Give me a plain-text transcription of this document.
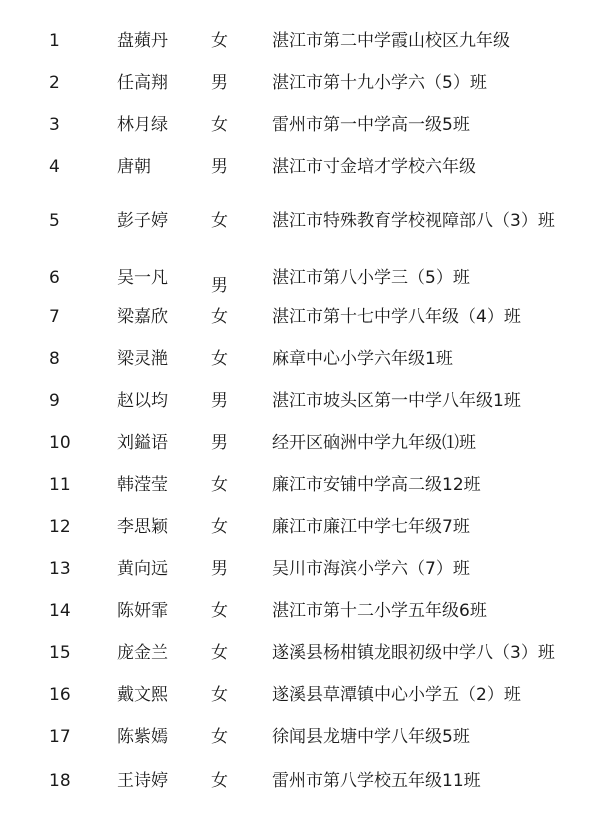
1	盘蘋丹	女	湛江市第二中学霞山校区九年级
2	任高翔	男	湛江市第十九小学六（5）班
3	林月绿	女	雷州市第一中学高一级5班
4	唐朝	男	湛江市寸金培才学校六年级
5	彭子婷	女	湛江市特殊教育学校视障部八（3）班
6	吴一凡	男	湛江市第八小学三（5）班
7	梁嘉欣	女	湛江市第十七中学八年级（4）班
8	梁灵滟	女	麻章中心小学六年级1班
9	赵以均	男	湛江市坡头区第一中学八年级1班
10	刘鎰语	男	经开区硇洲中学九年级⑴班
11	韩滢莹	女	廉江市安铺中学高二级12班
12	李思颖	女	廉江市廉江中学七年级7班
13	黄向远	男	吴川市海滨小学六（7）班
14	陈妍霏	女	湛江市第十二小学五年级6班
15	庞金兰	女	遂溪县杨柑镇龙眼初级中学八（3）班
16	戴文熙	女	遂溪县草潭镇中心小学五（2）班
17	陈紫嫣	女	徐闻县龙塘中学八年级5班
18	王诗婷	女	雷州市第八学校五年级11班
